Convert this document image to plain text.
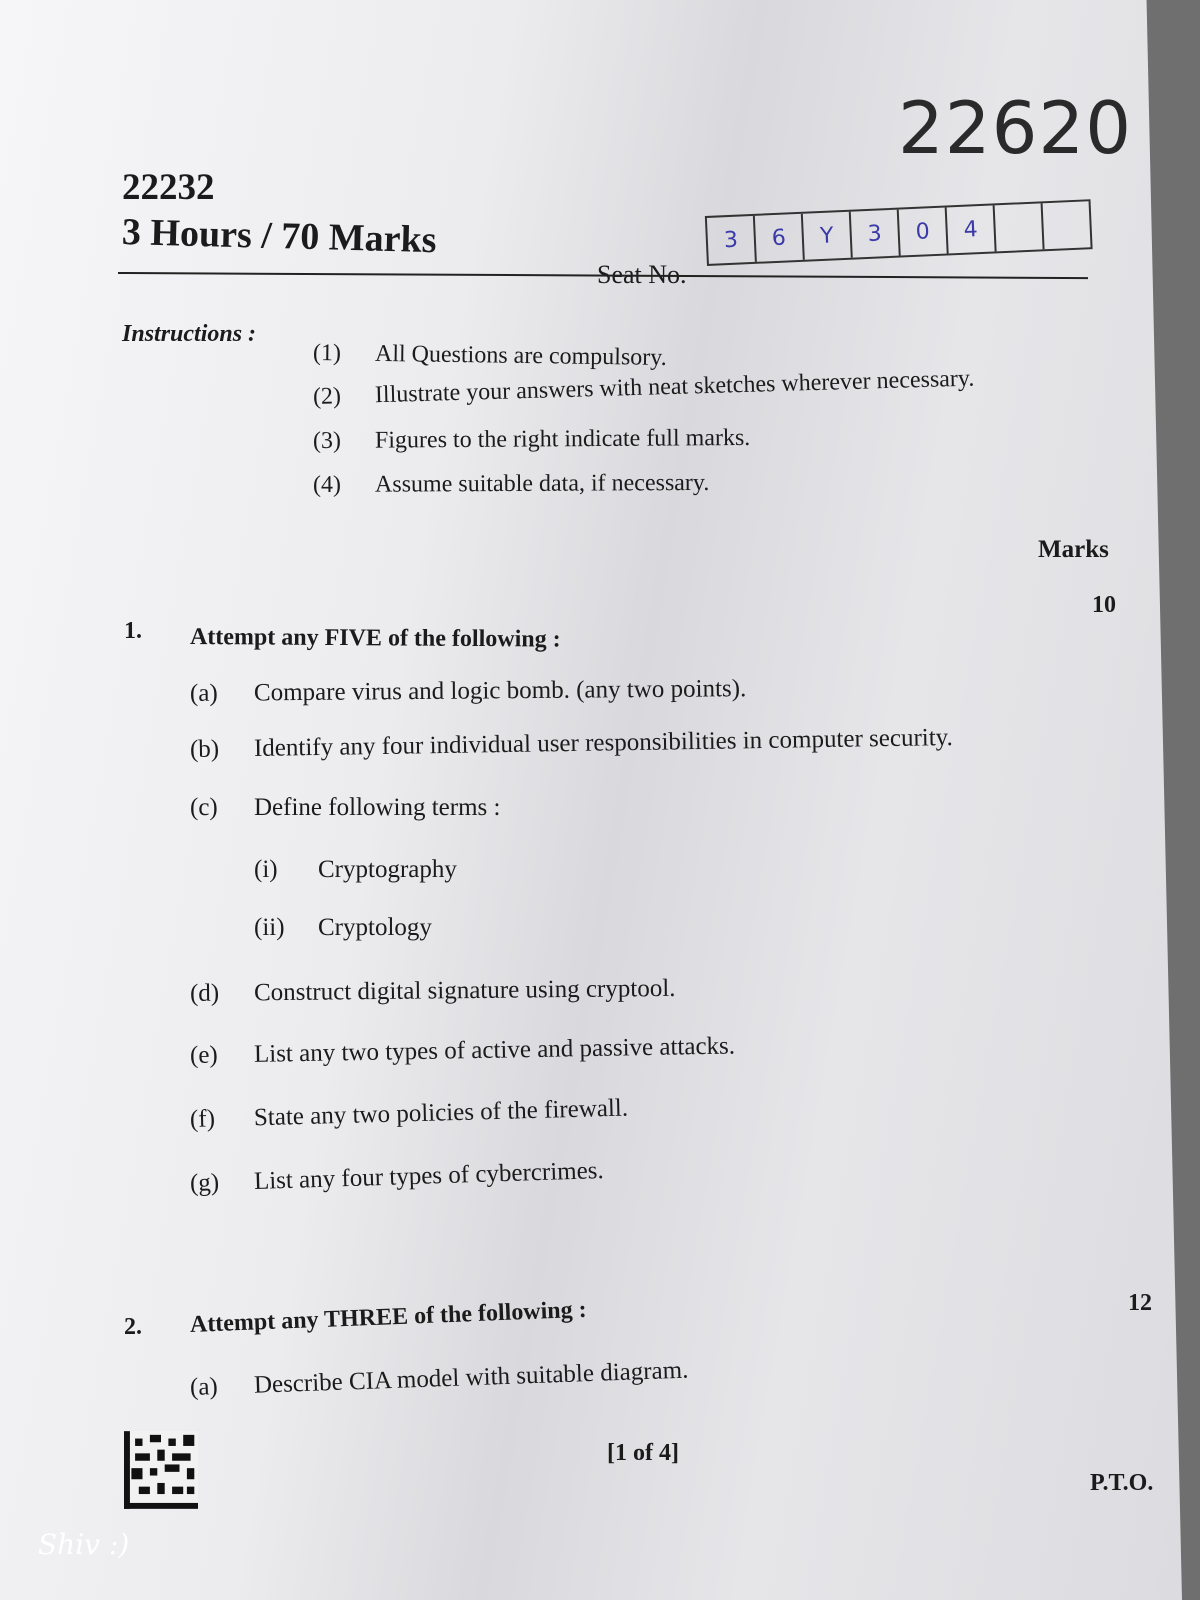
22620
22232
3 Hours / 70 Marks
Seat No.
3	6	Y	3	0	4
Instructions :
(1)	All Questions are compulsory.
(2)	Illustrate your answers with neat sketches wherever necessary.
(3)	Figures to the right indicate full marks.
(4)	Assume suitable data, if necessary.
Marks
10
1. Attempt any FIVE of the following :
(a)	Compare virus and logic bomb. (any two points).
(b)	Identify any four individual user responsibilities in computer security.
(c)	Define following terms :
(i)	Cryptography
(ii)	Cryptology
(d)	Construct digital signature using cryptool.
(e)	List any two types of active and passive attacks.
(f)	State any two policies of the firewall.
(g)	List any four types of cybercrimes.
12
2. Attempt any THREE of the following :
(a)	Describe CIA model with suitable diagram.
[1 of 4]
P.T.O.
Shiv :)
